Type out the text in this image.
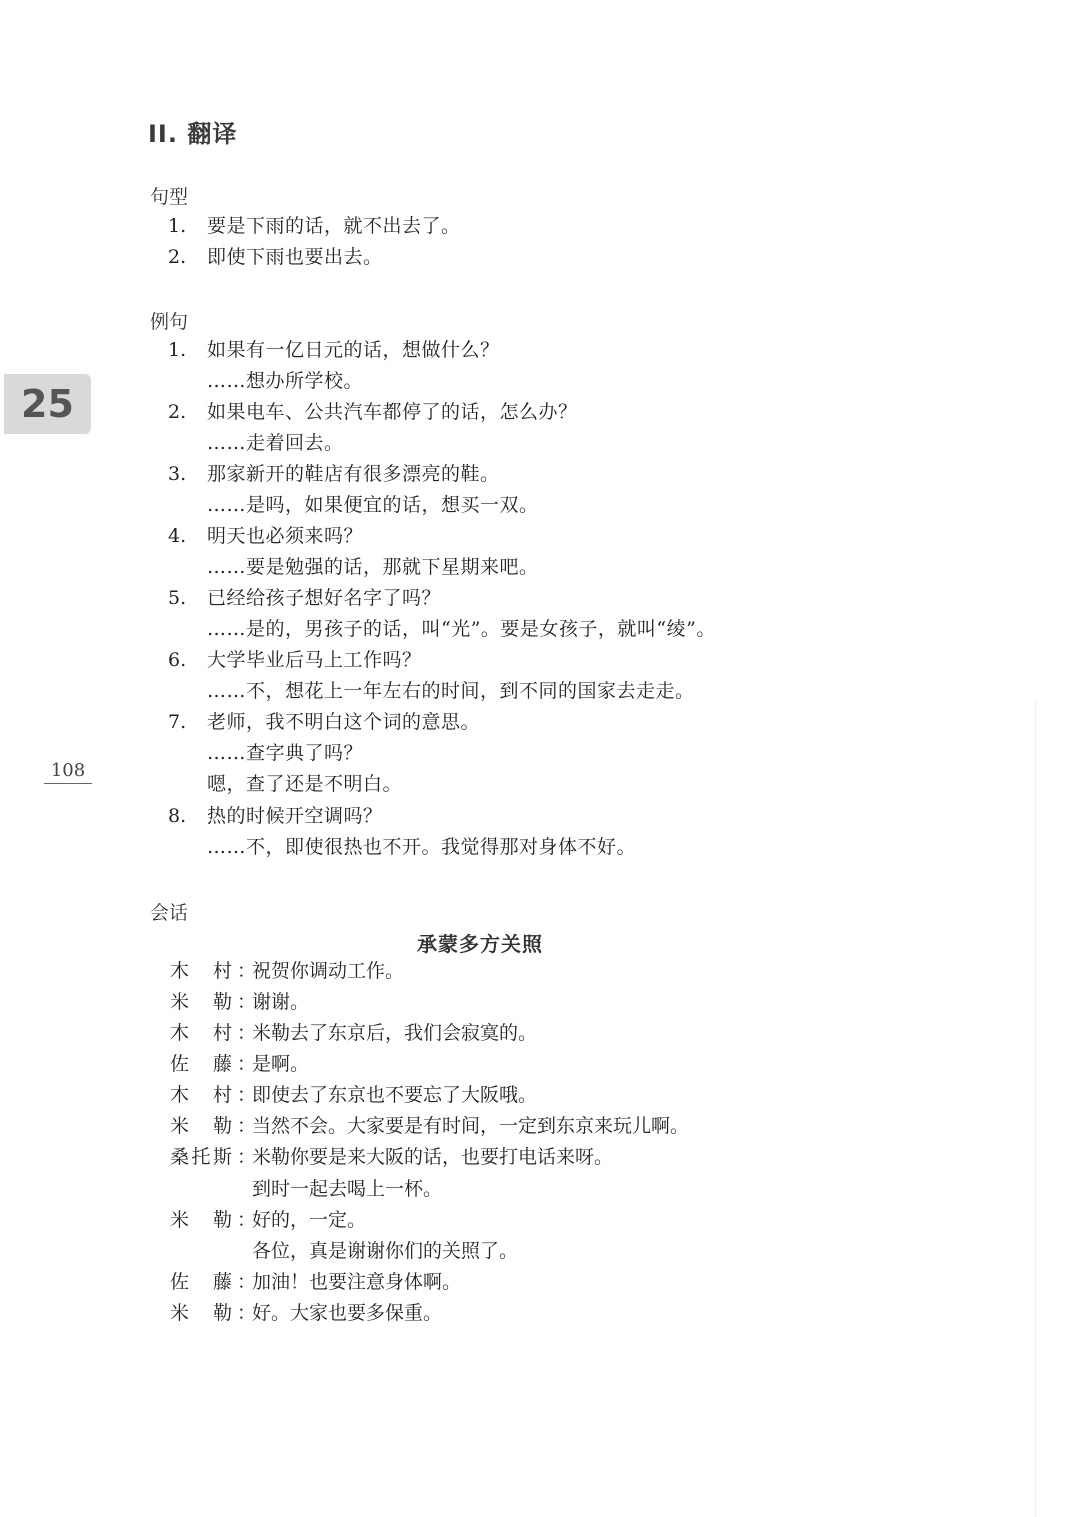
II. 翻译
25
108
句型
1. 要是下雨的话，就不出去了。
2. 即使下雨也要出去。
例句
1. 如果有一亿日元的话，想做什么？
……想办所学校。
2. 如果电车、公共汽车都停了的话，怎么办？
……走着回去。
3. 那家新开的鞋店有很多漂亮的鞋。
……是吗，如果便宜的话，想买一双。
4. 明天也必须来吗？
……要是勉强的话，那就下星期来吧。
5. 已经给孩子想好名字了吗？
……是的，男孩子的话，叫“光”。要是女孩子，就叫“绫”。
6. 大学毕业后马上工作吗？
……不，想花上一年左右的时间，到不同的国家去走走。
7. 老师，我不明白这个词的意思。
……查字典了吗？
嗯，查了还是不明白。
8. 热的时候开空调吗？
……不，即使很热也不开。我觉得那对身体不好。
会话
承蒙多方关照
木村 ：
祝贺你调动工作。
米勒 ：
谢谢。
木村 ：
米勒去了东京后，我们会寂寞的。
佐藤 ：
是啊。
木村 ：
即使去了东京也不要忘了大阪哦。
米勒 ：
当然不会。大家要是有时间，一定到东京来玩儿啊。
桑托斯 ：
米勒你要是来大阪的话，也要打电话来呀。
到时一起去喝上一杯。
米勒 ：
好的，一定。
各位，真是谢谢你们的关照了。
佐藤 ：
加油！也要注意身体啊。
米勒 ：
好。大家也要多保重。
